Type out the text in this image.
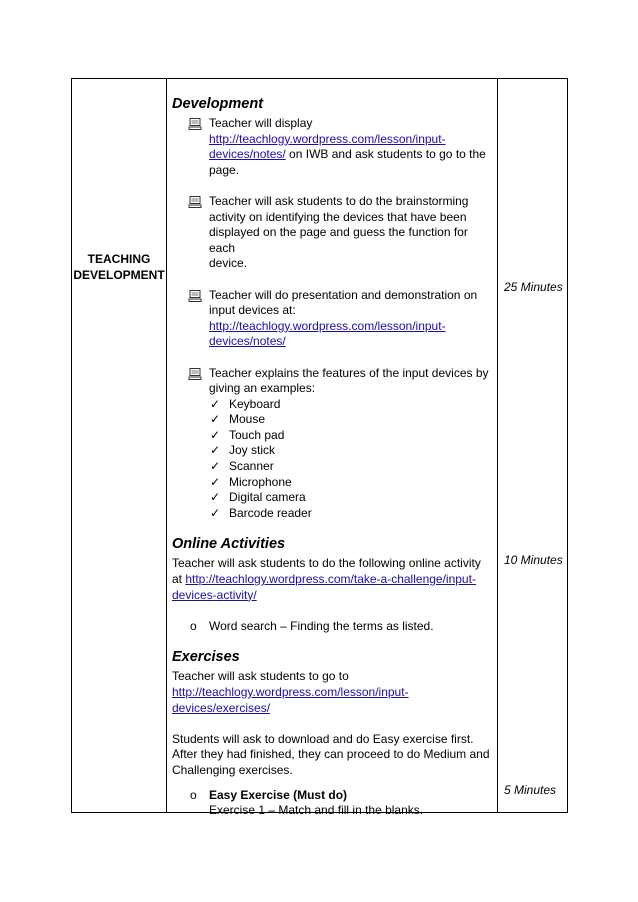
TEACHING
DEVELOPMENT
Development
Teacher will display
http://teachlogy.wordpress.com/lesson/input-
devices/notes/ on IWB and ask students to go to the
page.
Teacher will ask students to do the brainstorming
activity on identifying the devices that have been
displayed on the page and guess the function for each
device.
Teacher will do presentation and demonstration on
input devices at:
http://teachlogy.wordpress.com/lesson/input-
devices/notes/
Teacher explains the features of the input devices by
giving an examples:
✓ Keyboard
✓ Mouse
✓ Touch pad
✓ Joy stick
✓ Scanner
✓ Microphone
✓ Digital camera
✓ Barcode reader
Online Activities
Teacher will ask students to do the following online activity
at http://teachlogy.wordpress.com/take-a-challenge/input-
devices-activity/
o Word search – Finding the terms as listed.
Exercises
Teacher will ask students to go to
http://teachlogy.wordpress.com/lesson/input-
devices/exercises/
Students will ask to download and do Easy exercise first.
After they had finished, they can proceed to do Medium and
Challenging exercises.
o Easy Exercise (Must do)
Exercise 1 – Match and fill in the blanks.
25 Minutes
10 Minutes
5 Minutes
